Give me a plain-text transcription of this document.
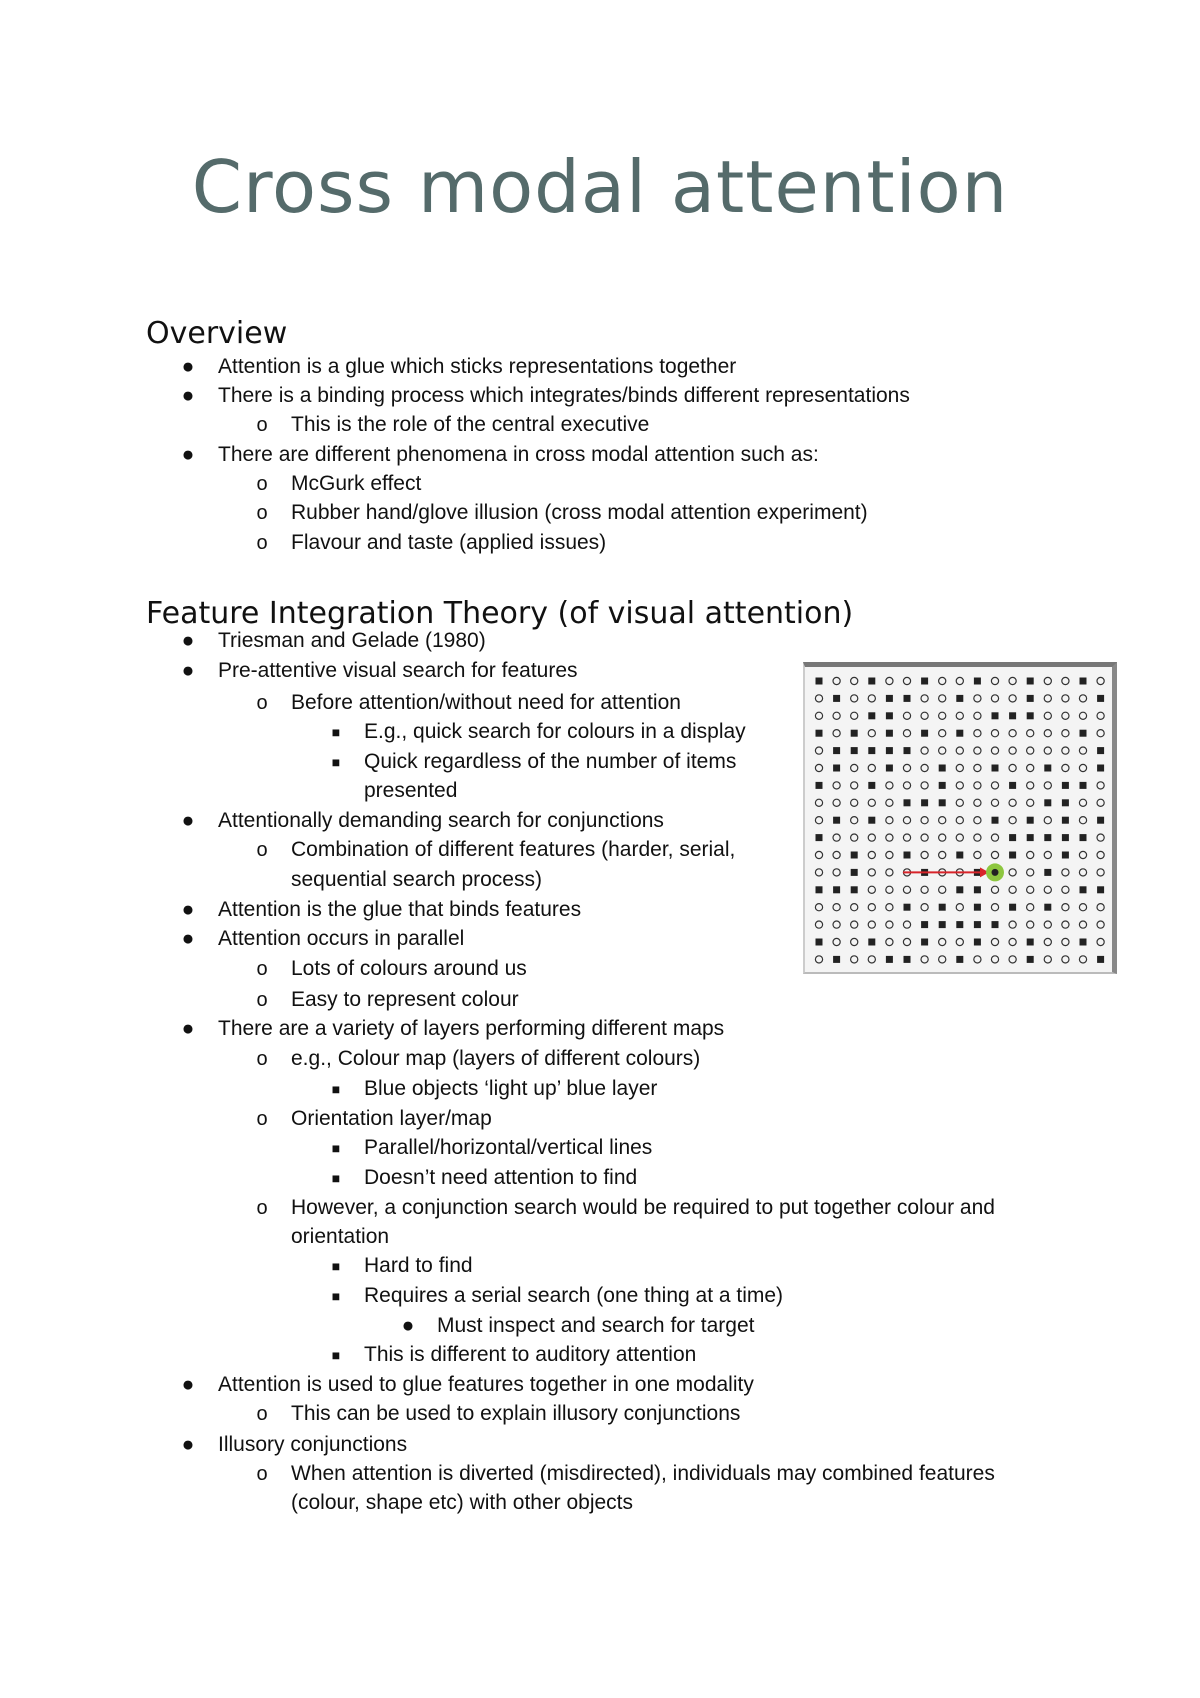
Cross modal attention
Overview
Feature Integration Theory (of visual attention)
● Attention is a glue which sticks representations together
● There is a binding process which integrates/binds different representations
o This is the role of the central executive
● There are different phenomena in cross modal attention such as:
o McGurk effect
o Rubber hand/glove illusion (cross modal attention experiment)
o Flavour and taste (applied issues)
● Triesman and Gelade (1980)
● Pre-attentive visual search for features
o Before attention/without need for attention
■ E.g., quick search for colours in a display
■ Quick regardless of the number of items
presented
● Attentionally demanding search for conjunctions
o Combination of different features (harder, serial,
sequential search process)
● Attention is the glue that binds features
● Attention occurs in parallel
o Lots of colours around us
o Easy to represent colour
● There are a variety of layers performing different maps
o e.g., Colour map (layers of different colours)
■ Blue objects ‘light up’ blue layer
o Orientation layer/map
■ Parallel/horizontal/vertical lines
■ Doesn’t need attention to find
o However, a conjunction search would be required to put together colour and
orientation
■ Hard to find
■ Requires a serial search (one thing at a time)
● Must inspect and search for target
■ This is different to auditory attention
● Attention is used to glue features together in one modality
o This can be used to explain illusory conjunctions
● Illusory conjunctions
o When attention is diverted (misdirected), individuals may combined features
(colour, shape etc) with other objects
